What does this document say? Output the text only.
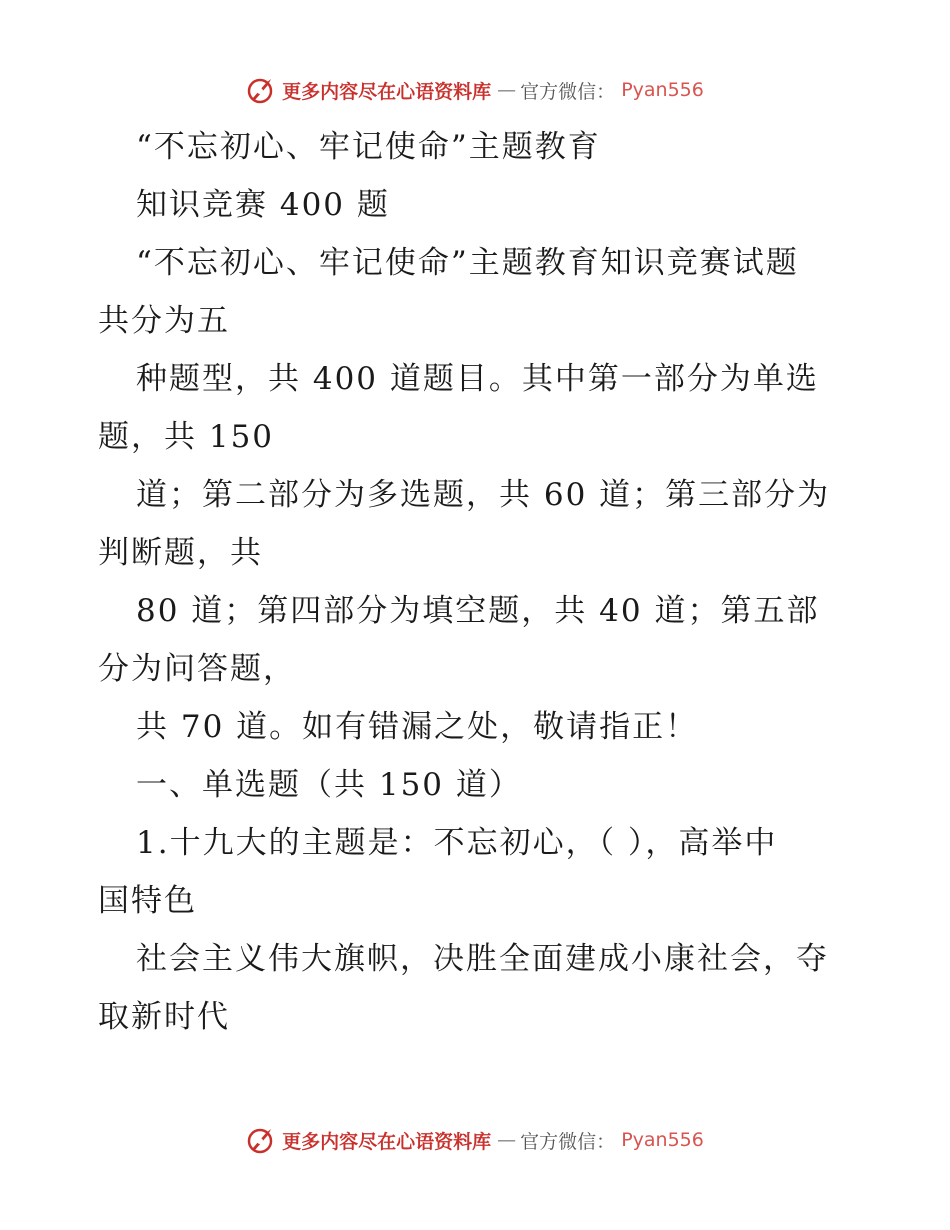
更多内容尽在心语资料库 — 官方微信： Pyan556
“不忘初心、牢记使命”主题教育
知识竞赛 400 题
“不忘初心、牢记使命”主题教育知识竞赛试题
共分为五
种题型，共 400 道题目。其中第一部分为单选
题，共 150
道；第二部分为多选题，共 60 道；第三部分为
判断题，共
80 道；第四部分为填空题，共 40 道；第五部
分为问答题，
共 70 道。如有错漏之处，敬请指正！
一、单选题（共 150 道）
1.十九大的主题是：不忘初心，（ ），高举中
国特色
社会主义伟大旗帜，决胜全面建成小康社会，夺
取新时代
更多内容尽在心语资料库 — 官方微信： Pyan556
